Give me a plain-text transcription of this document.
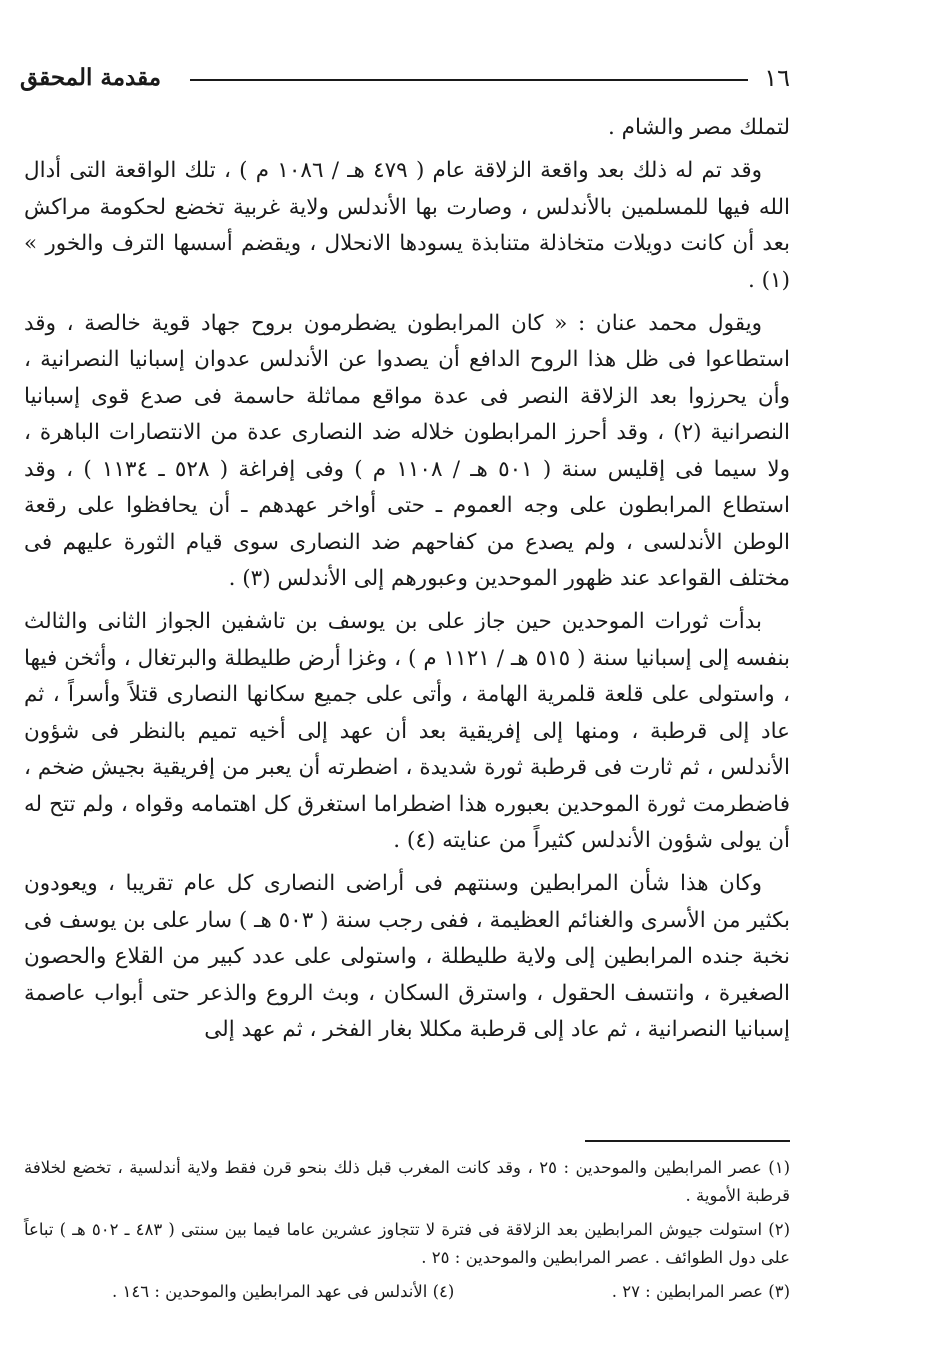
١٦
مقدمة المحقق

لتملك مصر والشام .

وقد تم له ذلك بعد واقعة الزلاقة عام ( ٤٧٩ هـ / ١٠٨٦ م ) ، تلك الواقعة التى أدال الله فيها للمسلمين بالأندلس ، وصارت بها الأندلس ولاية غربية تخضع لحكومة مراكش بعد أن كانت دويلات متخاذلة متنابذة يسودها الانحلال ، ويقضم أسسها الترف والخور » (١) .

ويقول محمد عنان : « كان المرابطون يضطرمون بروح جهاد قوية خالصة ، وقد استطاعوا فى ظل هذا الروح الدافع أن يصدوا عن الأندلس عدوان إسبانيا النصرانية ، وأن يحرزوا بعد الزلاقة النصر فى عدة مواقع مماثلة حاسمة فى صدع قوى إسبانيا النصرانية (٢) ، وقد أحرز المرابطون خلاله ضد النصارى عدة من الانتصارات الباهرة ، ولا سيما فى إقليس سنة ( ٥٠١ هـ / ١١٠٨ م ) وفى إفراغة ( ٥٢٨ ـ ١١٣٤ ) ، وقد استطاع المرابطون على وجه العموم ـ حتى أواخر عهدهم ـ أن يحافظوا على رقعة الوطن الأندلسى ، ولم يصدع من كفاحهم ضد النصارى سوى قيام الثورة عليهم فى مختلف القواعد عند ظهور الموحدين وعبورهم إلى الأندلس (٣) .

بدأت ثورات الموحدين حين جاز على بن يوسف بن تاشفين الجواز الثانى والثالث بنفسه إلى إسبانيا سنة ( ٥١٥ هـ / ١١٢١ م ) ، وغزا أرض طليطلة والبرتغال ، وأثخن فيها ، واستولى على قلعة قلمرية الهامة ، وأتى على جميع سكانها النصارى قتلاً وأسراً ، ثم عاد إلى قرطبة ، ومنها إلى إفريقية بعد أن عهد إلى أخيه تميم بالنظر فى شؤون الأندلس ، ثم ثارت فى قرطبة ثورة شديدة ، اضطرته أن يعبر من إفريقية بجيش ضخم ، فاضطرمت ثورة الموحدين بعبوره هذا اضطراما استغرق كل اهتمامه وقواه ، ولم تتح له أن يولى شؤون الأندلس كثيراً من عنايته (٤) .

وكان هذا شأن المرابطين وسنتهم فى أراضى النصارى كل عام تقريبا ، ويعودون بكثير من الأسرى والغنائم العظيمة ، ففى رجب سنة ( ٥٠٣ هـ ) سار على بن يوسف فى نخبة جنده المرابطين إلى ولاية طليطلة ، واستولى على عدد كبير من القلاع والحصون الصغيرة ، وانتسف الحقول ، واسترق السكان ، وبث الروع والذعر حتى أبواب عاصمة إسبانيا النصرانية ، ثم عاد إلى قرطبة مكللا بغار الفخر ، ثم عهد إلى

(١) عصر المرابطين والموحدين : ٢٥ ، وقد كانت المغرب قبل ذلك بنحو قرن فقط ولاية أندلسية ، تخضع لخلافة قرطبة الأموية .
(٢) استولت جيوش المرابطين بعد الزلاقة فى فترة لا تتجاوز عشرين عاما فيما بين سنتى ( ٤٨٣ ـ ٥٠٢ هـ ) تباعاً على دول الطوائف . عصر المرابطين والموحدين : ٢٥ .
(٣) عصر المرابطين : ٢٧ .
(٤) الأندلس فى عهد المرابطين والموحدين : ١٤٦ .
